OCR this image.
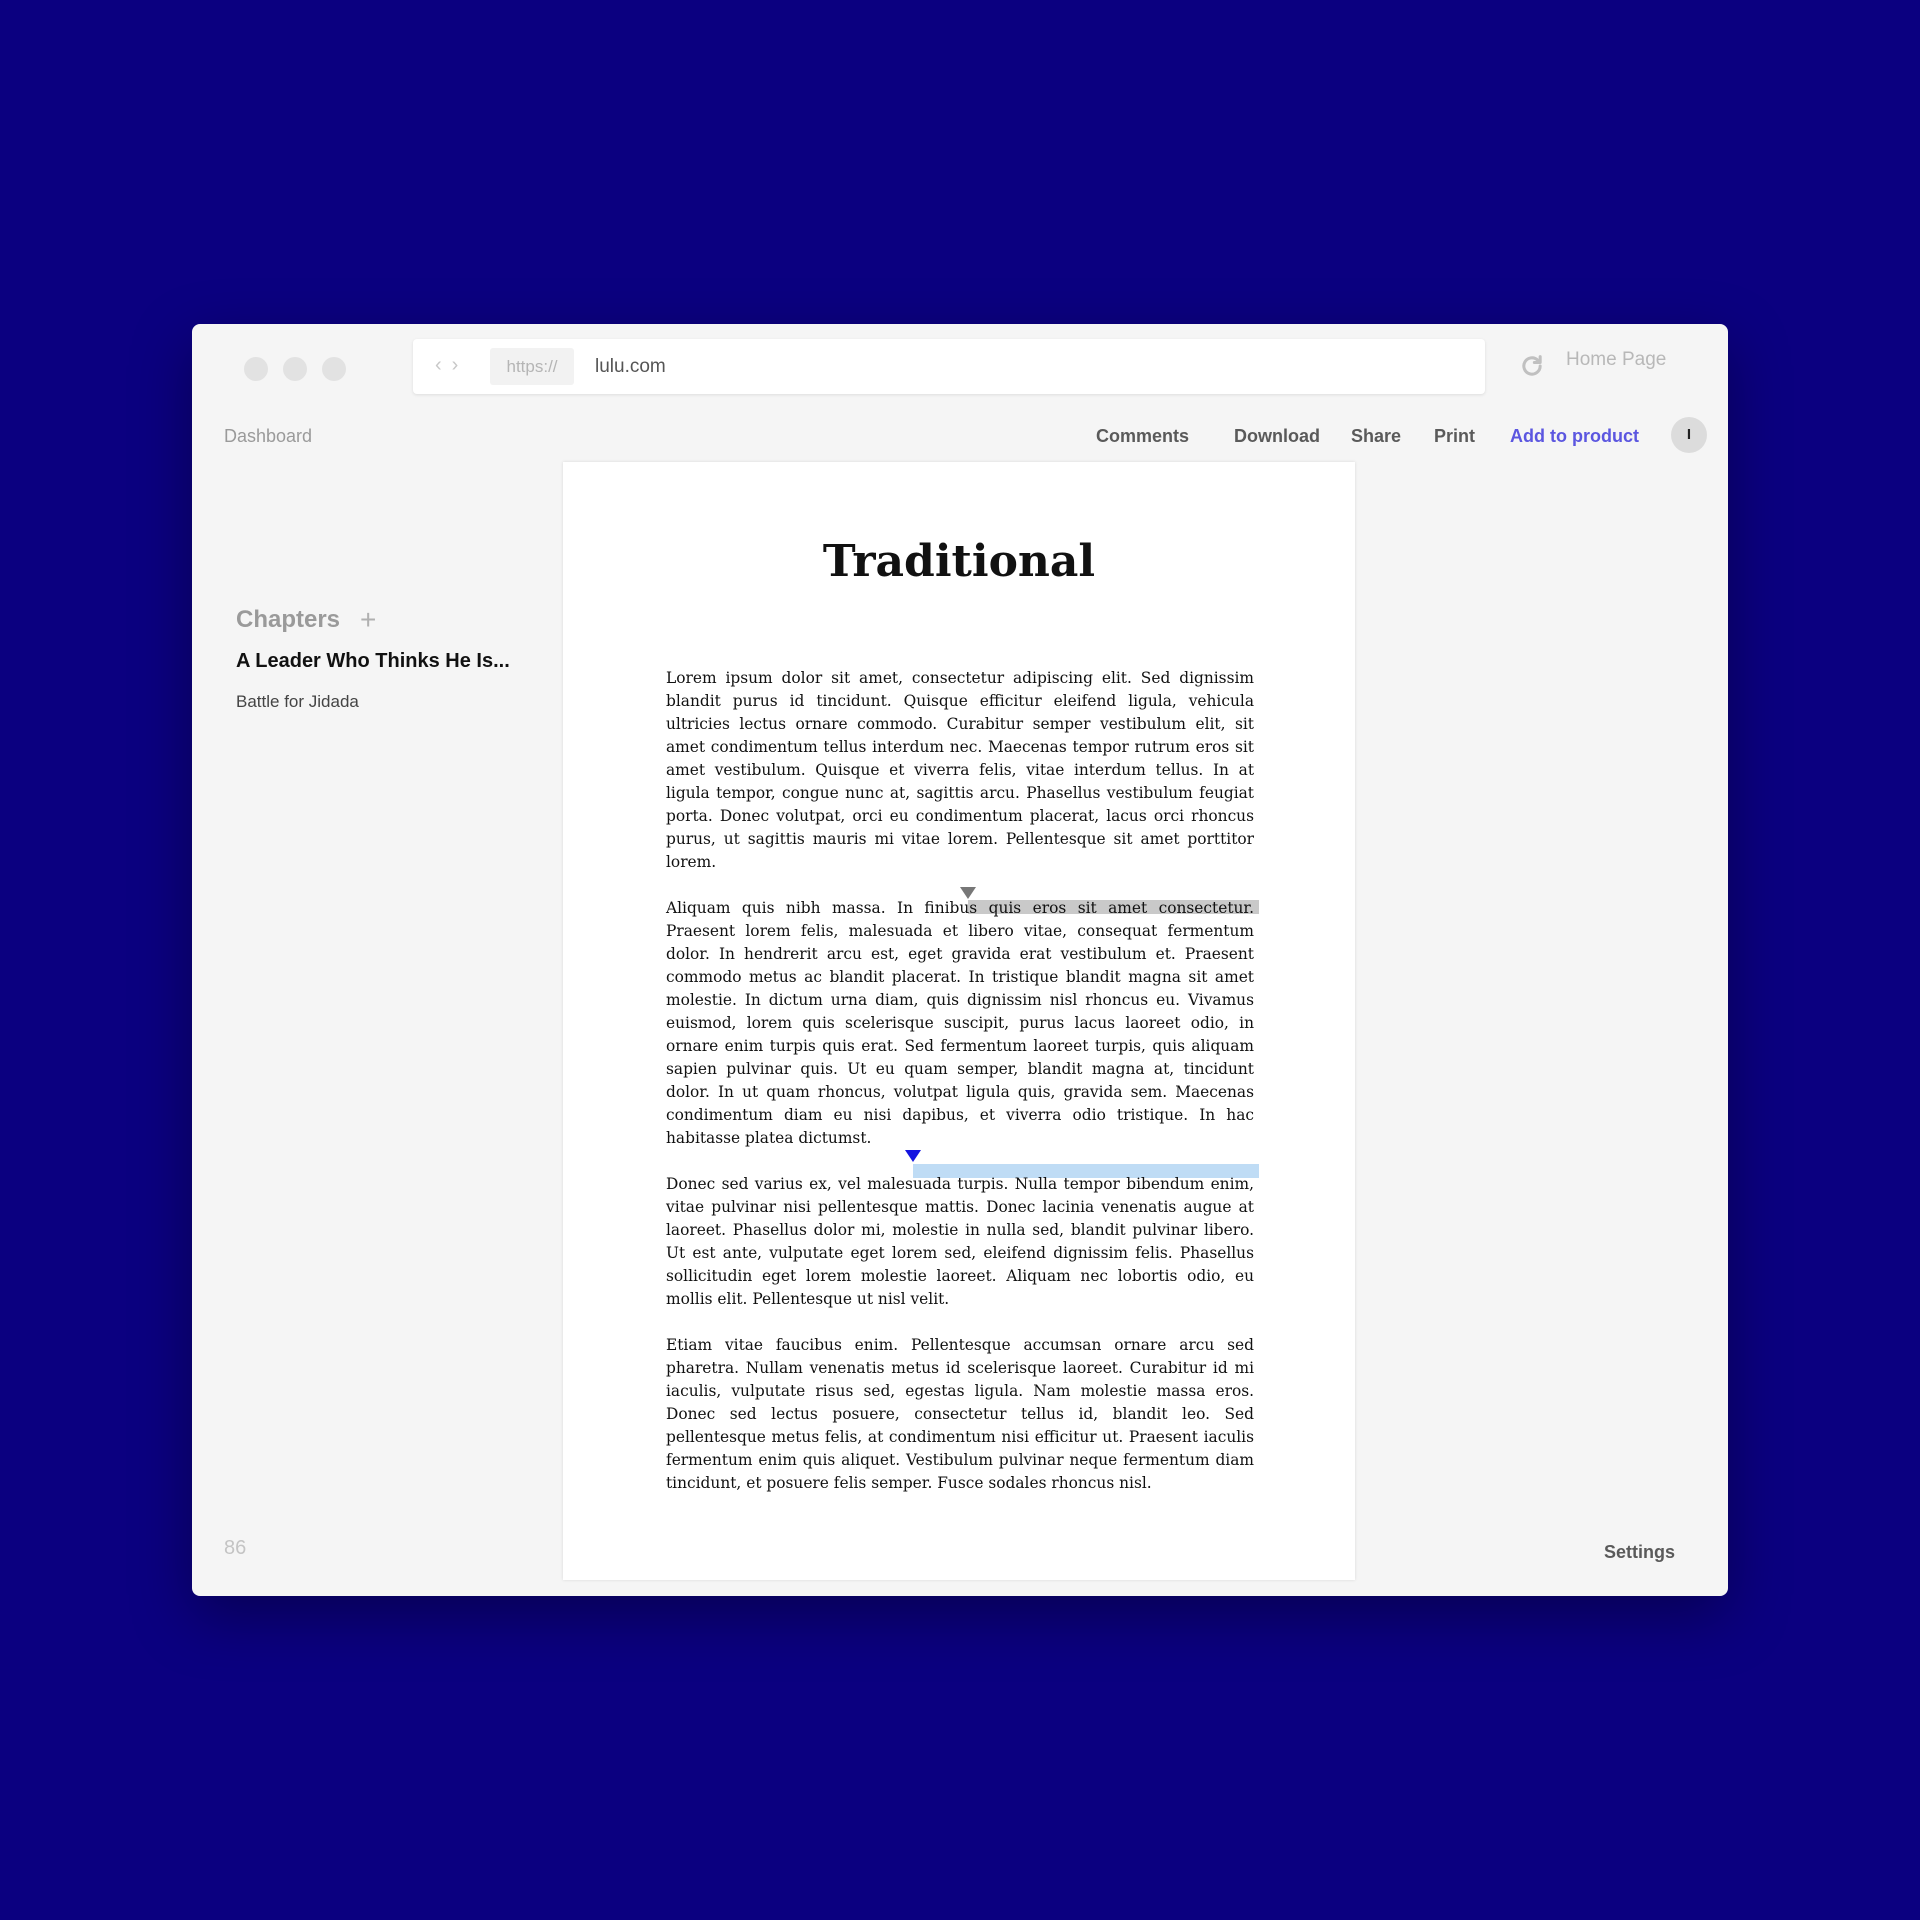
‹ ›	https://	lulu.com	Home Page
Dashboard	Comments Download Share Print Add to product	I
Chapters +
A Leader Who Thinks He Is...
Battle for Jidada
86	Settings
Traditional

Lorem ipsum dolor sit amet, consectetur adipiscing elit. Sed dignissim blandit purus id tincidunt. Quisque efficitur eleifend ligula, vehicula ultricies lectus ornare commodo. Curabitur semper vestibulum elit, sit amet condimentum tellus interdum nec. Maecenas tempor rutrum eros sit amet vestibulum. Quisque et viverra felis, vitae interdum tellus. In at ligula tempor, congue nunc at, sagittis arcu. Phasellus vestibulum feugiat porta. Donec volutpat, orci eu condimentum placerat, lacus orci rhoncus purus, ut sagittis mauris mi vitae lorem. Pellentesque sit amet porttitor lorem.

Aliquam quis nibh massa. In finibus quis eros sit amet consectetur. Praesent lorem felis, malesuada et libero vitae, consequat fermentum dolor. In hendrerit arcu est, eget gravida erat vestibulum et. Praesent commodo metus ac blandit placerat. In tristique blandit magna sit amet molestie. In dictum urna diam, quis dignissim nisl rhoncus eu. Vivamus euismod, lorem quis scelerisque suscipit, purus lacus laoreet odio, in ornare enim turpis quis erat. Sed fermentum laoreet turpis, quis aliquam sapien pulvinar quis. Ut eu quam semper, blandit magna at, tincidunt dolor. In ut quam rhoncus, volutpat ligula quis, gravida sem. Maecenas condimentum diam eu nisi dapibus, et viverra odio tristique. In hac habitasse platea dictumst.

Donec sed varius ex, vel malesuada turpis. Nulla tempor bibendum enim, vitae pulvinar nisi pellentesque mattis. Donec lacinia venenatis augue at laoreet. Phasellus dolor mi, molestie in nulla sed, blandit pulvinar libero. Ut est ante, vulputate eget lorem sed, eleifend dignissim felis. Phasellus sollicitudin eget lorem molestie laoreet. Aliquam nec lobortis odio, eu mollis elit. Pellentesque ut nisl velit.

Etiam vitae faucibus enim. Pellentesque accumsan ornare arcu sed pharetra. Nullam venenatis metus id scelerisque laoreet. Curabitur id mi iaculis, vulputate risus sed, egestas ligula. Nam molestie massa eros. Donec sed lectus posuere, consectetur tellus id, blandit leo. Sed pellentesque metus felis, at condimentum nisi efficitur ut. Praesent iaculis fermentum enim quis aliquet. Vestibulum pulvinar neque fermentum diam tincidunt, et posuere felis semper. Fusce sodales rhoncus nisl.
